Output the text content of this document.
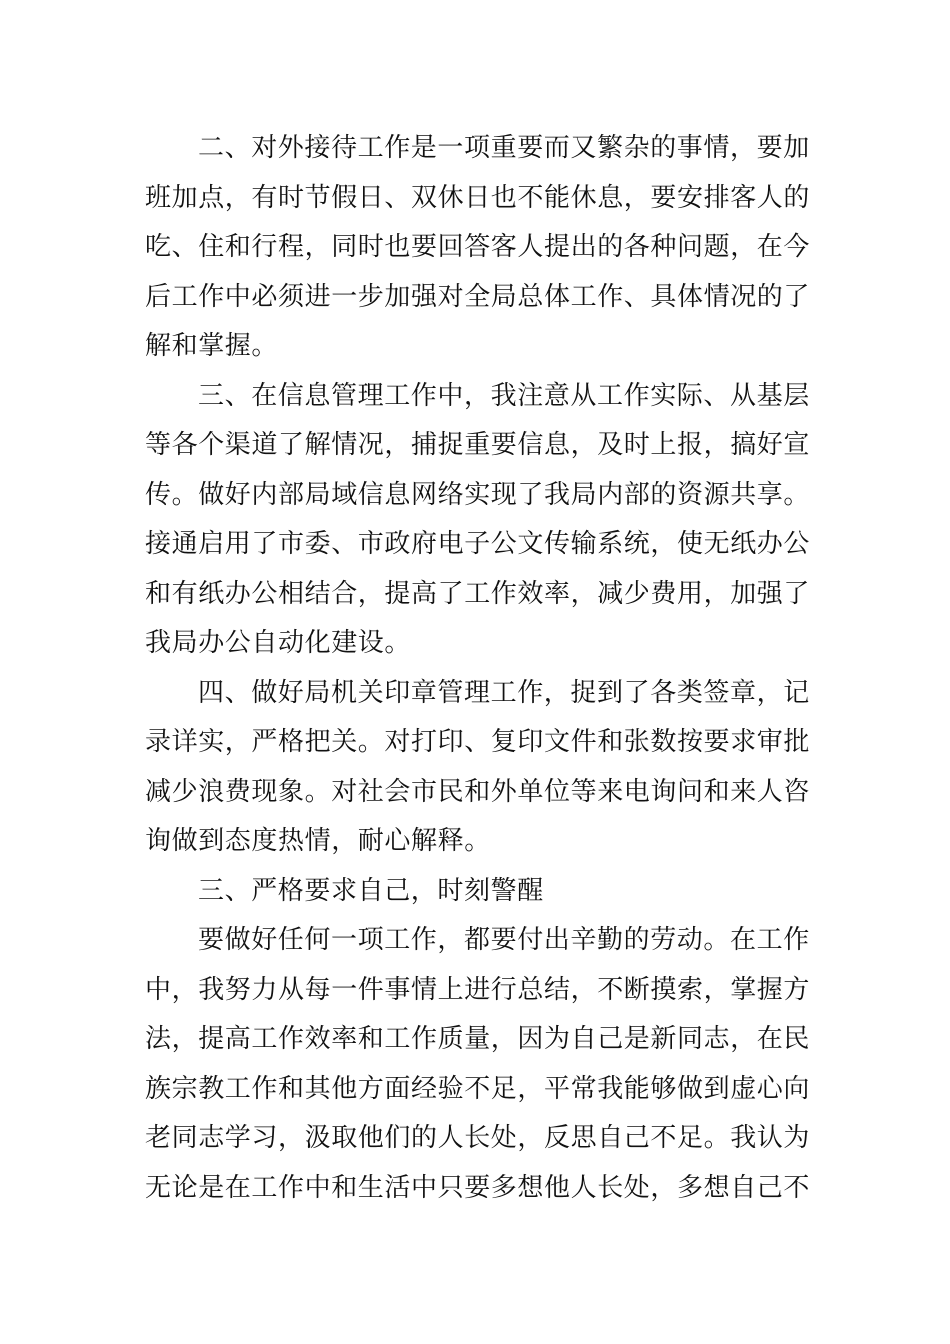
二、对外接待工作是一项重要而又繁杂的事情，要加
班加点，有时节假日、双休日也不能休息，要安排客人的
吃、住和行程，同时也要回答客人提出的各种问题，在今
后工作中必须进一步加强对全局总体工作、具体情况的了
解和掌握。
三、在信息管理工作中，我注意从工作实际、从基层
等各个渠道了解情况，捕捉重要信息，及时上报，搞好宣
传。做好内部局域信息网络实现了我局内部的资源共享。
接通启用了市委、市政府电子公文传输系统，使无纸办公
和有纸办公相结合，提高了工作效率，减少费用，加强了
我局办公自动化建设。
四、做好局机关印章管理工作，捉到了各类签章，记
录详实，严格把关。对打印、复印文件和张数按要求审批
减少浪费现象。对社会市民和外单位等来电询问和来人咨
询做到态度热情，耐心解释。
三、严格要求自己，时刻警醒
要做好任何一项工作，都要付出辛勤的劳动。在工作
中，我努力从每一件事情上进行总结，不断摸索，掌握方
法，提高工作效率和工作质量，因为自己是新同志，在民
族宗教工作和其他方面经验不足，平常我能够做到虚心向
老同志学习，汲取他们的人长处，反思自己不足。我认为
无论是在工作中和生活中只要多想他人长处，多想自己不
